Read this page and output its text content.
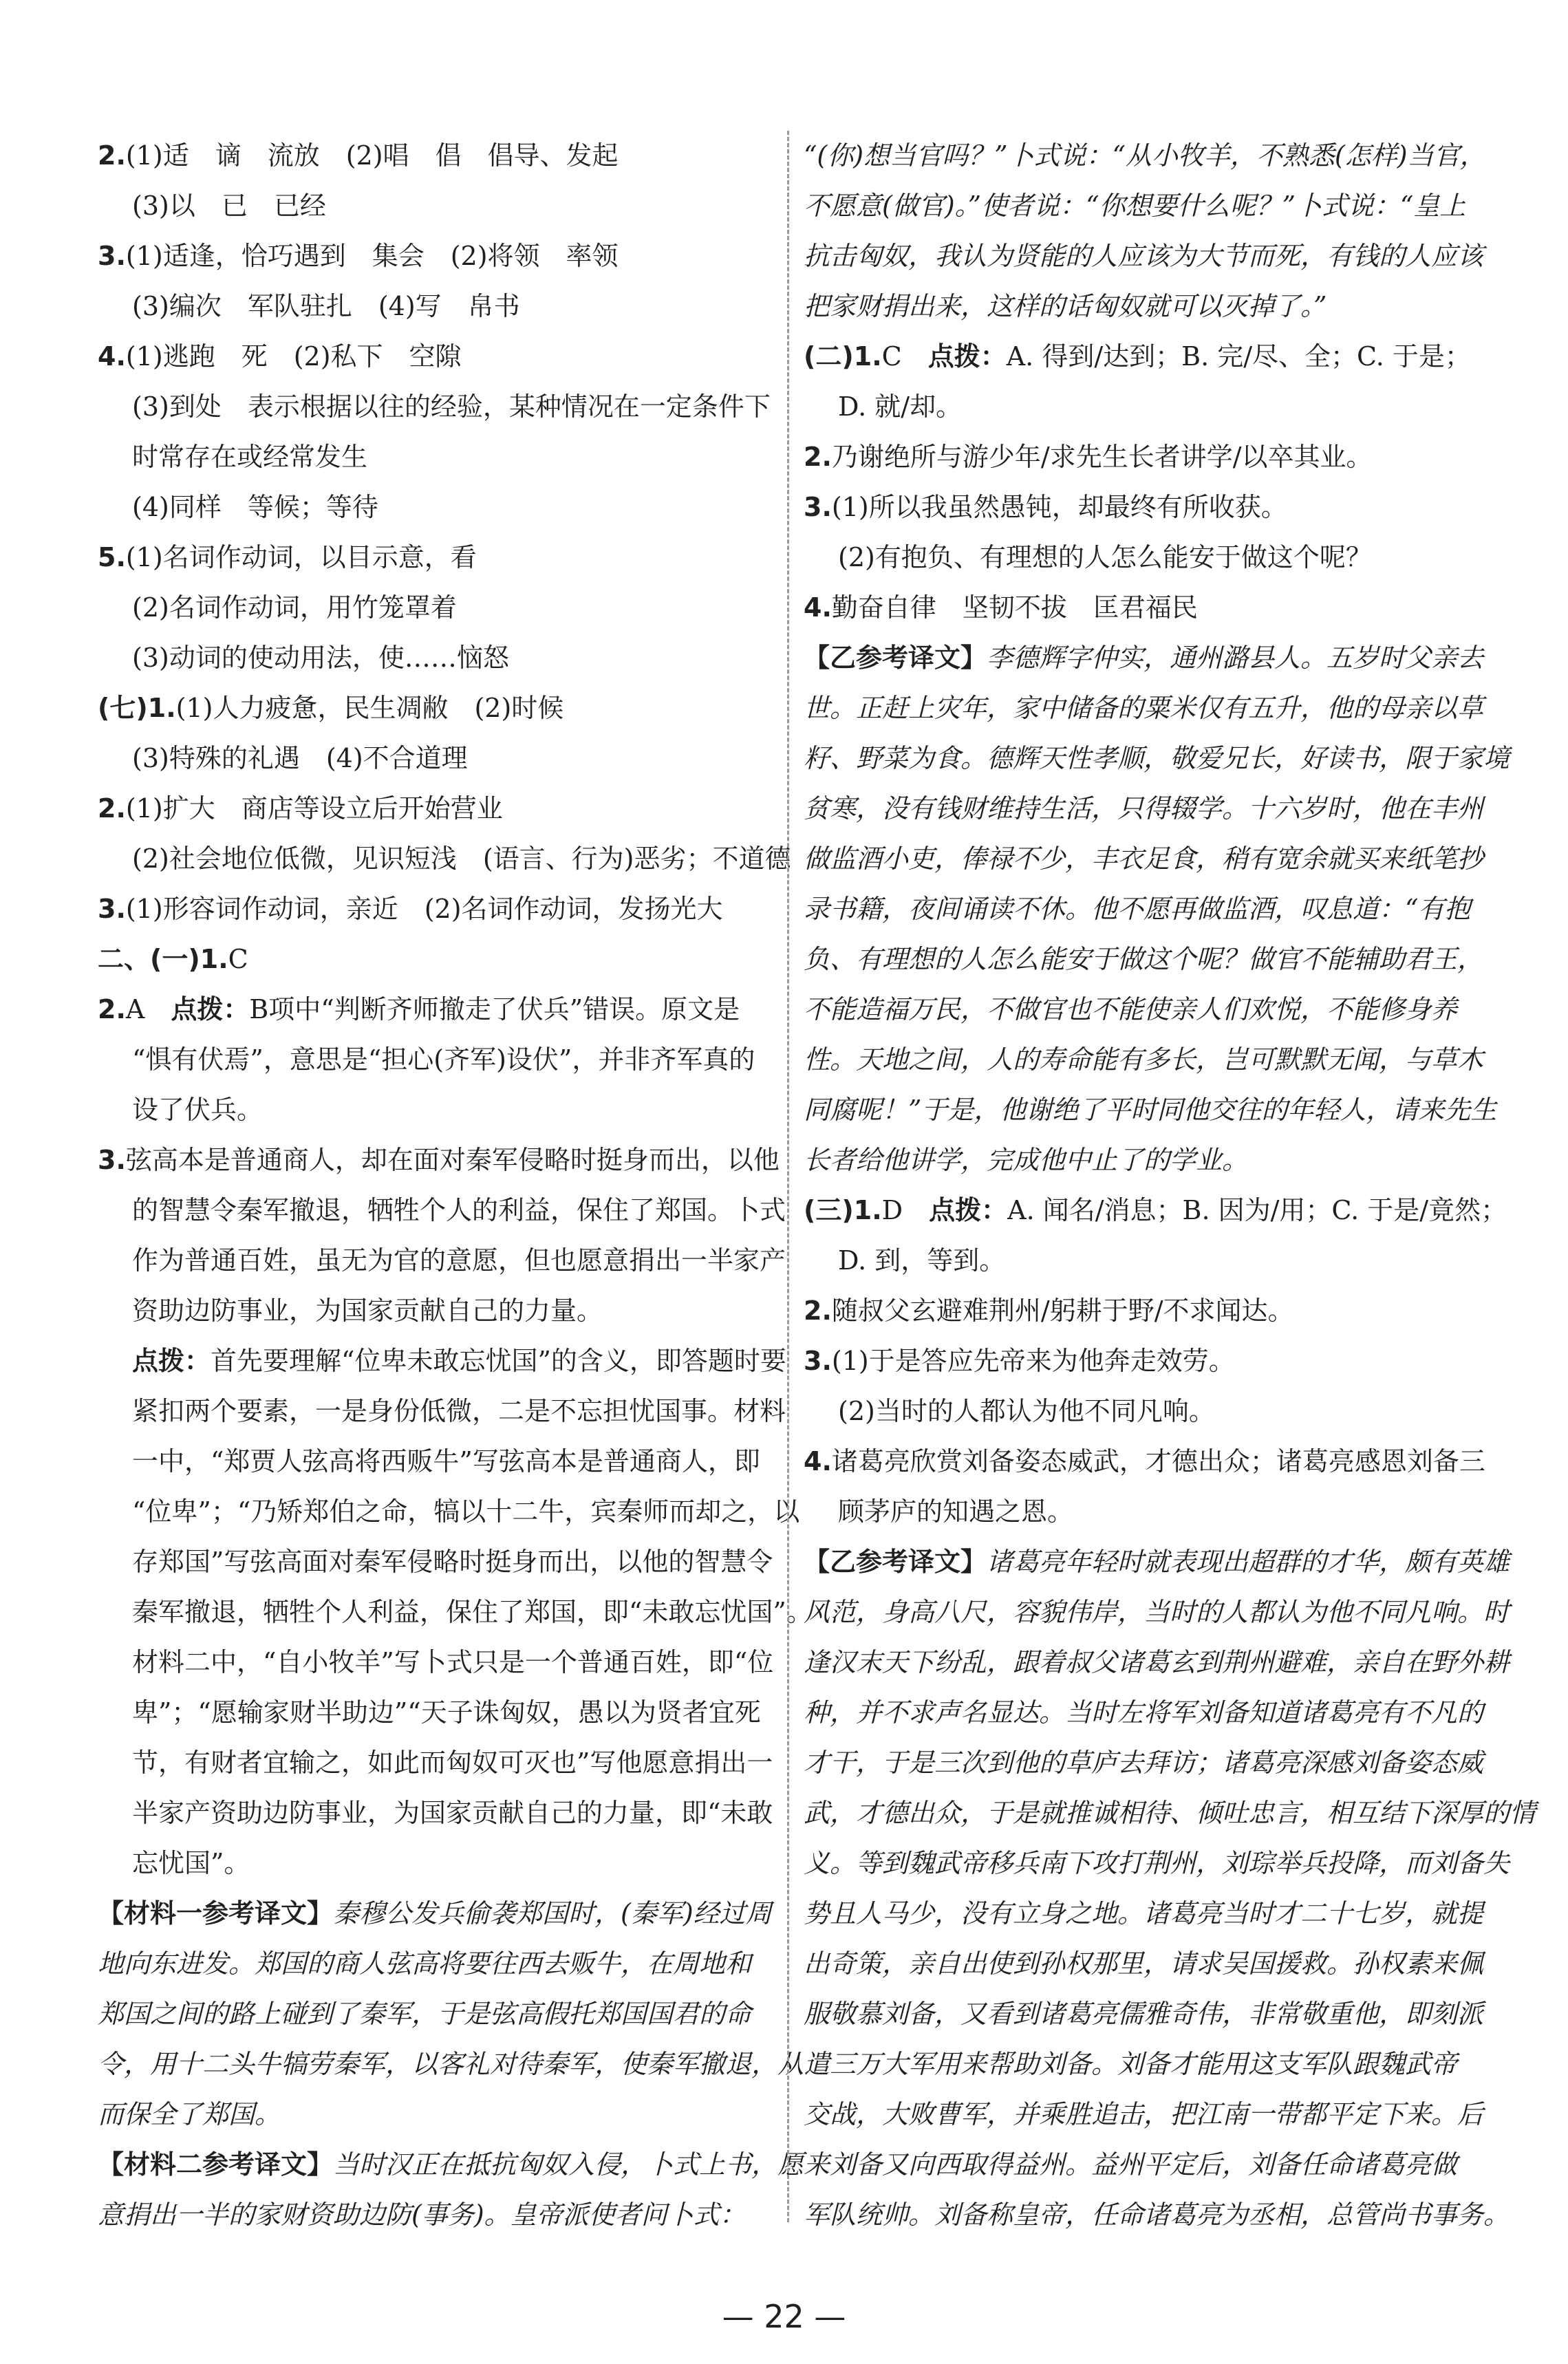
2.(1)适　谪　流放　(2)唱　倡　倡导、发起
(3)以　已　已经
3.(1)适逢，恰巧遇到　集会　(2)将领　率领
(3)编次　军队驻扎　(4)写　帛书
4.(1)逃跑　死　(2)私下　空隙
(3)到处　表示根据以往的经验，某种情况在一定条件下
时常存在或经常发生
(4)同样　等候；等待
5.(1)名词作动词，以目示意，看
(2)名词作动词，用竹笼罩着
(3)动词的使动用法，使……恼怒
(七)1.(1)人力疲惫，民生凋敝　(2)时候
(3)特殊的礼遇　(4)不合道理
2.(1)扩大　商店等设立后开始营业
(2)社会地位低微，见识短浅　(语言、行为)恶劣；不道德
3.(1)形容词作动词，亲近　(2)名词作动词，发扬光大
二、(一)1.C
2.A　点拨：B项中“判断齐师撤走了伏兵”错误。原文是
“惧有伏焉”，意思是“担心(齐军)设伏”，并非齐军真的
设了伏兵。
3.弦高本是普通商人，却在面对秦军侵略时挺身而出，以他
的智慧令秦军撤退，牺牲个人的利益，保住了郑国。卜式
作为普通百姓，虽无为官的意愿，但也愿意捐出一半家产
资助边防事业，为国家贡献自己的力量。
点拨：首先要理解“位卑未敢忘忧国”的含义，即答题时要
紧扣两个要素，一是身份低微，二是不忘担忧国事。材料
一中，“郑贾人弦高将西贩牛”写弦高本是普通商人，即
“位卑”；“乃矫郑伯之命，犒以十二牛，宾秦师而却之，以
存郑国”写弦高面对秦军侵略时挺身而出，以他的智慧令
秦军撤退，牺牲个人利益，保住了郑国，即“未敢忘忧国”。
材料二中，“自小牧羊”写卜式只是一个普通百姓，即“位
卑”；“愿输家财半助边”“天子诛匈奴，愚以为贤者宜死
节，有财者宜输之，如此而匈奴可灭也”写他愿意捐出一
半家产资助边防事业，为国家贡献自己的力量，即“未敢
忘忧国”。
【材料一参考译文】秦穆公发兵偷袭郑国时，(秦军)经过周
地向东进发。郑国的商人弦高将要往西去贩牛，在周地和
郑国之间的路上碰到了秦军，于是弦高假托郑国国君的命
令，用十二头牛犒劳秦军，以客礼对待秦军，使秦军撤退，从
而保全了郑国。
【材料二参考译文】当时汉正在抵抗匈奴入侵，卜式上书，愿
意捐出一半的家财资助边防(事务)。皇帝派使者问卜式：
“(你)想当官吗？”卜式说：“从小牧羊，不熟悉(怎样)当官，
不愿意(做官)。”使者说：“你想要什么呢？”卜式说：“皇上
抗击匈奴，我认为贤能的人应该为大节而死，有钱的人应该
把家财捐出来，这样的话匈奴就可以灭掉了。”
(二)1.C　点拨：A. 得到/达到；B. 完/尽、全；C. 于是；
D. 就/却。
2.乃谢绝所与游少年/求先生长者讲学/以卒其业。
3.(1)所以我虽然愚钝，却最终有所收获。
(2)有抱负、有理想的人怎么能安于做这个呢？
4.勤奋自律　坚韧不拔　匡君福民
【乙参考译文】李德辉字仲实，通州潞县人。五岁时父亲去
世。正赶上灾年，家中储备的粟米仅有五升，他的母亲以草
籽、野菜为食。德辉天性孝顺，敬爱兄长，好读书，限于家境
贫寒，没有钱财维持生活，只得辍学。十六岁时，他在丰州
做监酒小吏，俸禄不少，丰衣足食，稍有宽余就买来纸笔抄
录书籍，夜间诵读不休。他不愿再做监酒，叹息道：“有抱
负、有理想的人怎么能安于做这个呢？做官不能辅助君王，
不能造福万民，不做官也不能使亲人们欢悦，不能修身养
性。天地之间，人的寿命能有多长，岂可默默无闻，与草木
同腐呢！”于是，他谢绝了平时同他交往的年轻人，请来先生
长者给他讲学，完成他中止了的学业。
(三)1.D　点拨：A. 闻名/消息；B. 因为/用；C. 于是/竟然；
D. 到，等到。
2.随叔父玄避难荆州/躬耕于野/不求闻达。
3.(1)于是答应先帝来为他奔走效劳。
(2)当时的人都认为他不同凡响。
4.诸葛亮欣赏刘备姿态威武，才德出众；诸葛亮感恩刘备三
顾茅庐的知遇之恩。
【乙参考译文】诸葛亮年轻时就表现出超群的才华，颇有英雄
风范，身高八尺，容貌伟岸，当时的人都认为他不同凡响。时
逢汉末天下纷乱，跟着叔父诸葛玄到荆州避难，亲自在野外耕
种，并不求声名显达。当时左将军刘备知道诸葛亮有不凡的
才干，于是三次到他的草庐去拜访；诸葛亮深感刘备姿态威
武，才德出众，于是就推诚相待、倾吐忠言，相互结下深厚的情
义。等到魏武帝移兵南下攻打荆州，刘琮举兵投降，而刘备失
势且人马少，没有立身之地。诸葛亮当时才二十七岁，就提
出奇策，亲自出使到孙权那里，请求吴国援救。孙权素来佩
服敬慕刘备，又看到诸葛亮儒雅奇伟，非常敬重他，即刻派
遣三万大军用来帮助刘备。刘备才能用这支军队跟魏武帝
交战，大败曹军，并乘胜追击，把江南一带都平定下来。后
来刘备又向西取得益州。益州平定后，刘备任命诸葛亮做
军队统帅。刘备称皇帝，任命诸葛亮为丞相，总管尚书事务。
— 22 —
